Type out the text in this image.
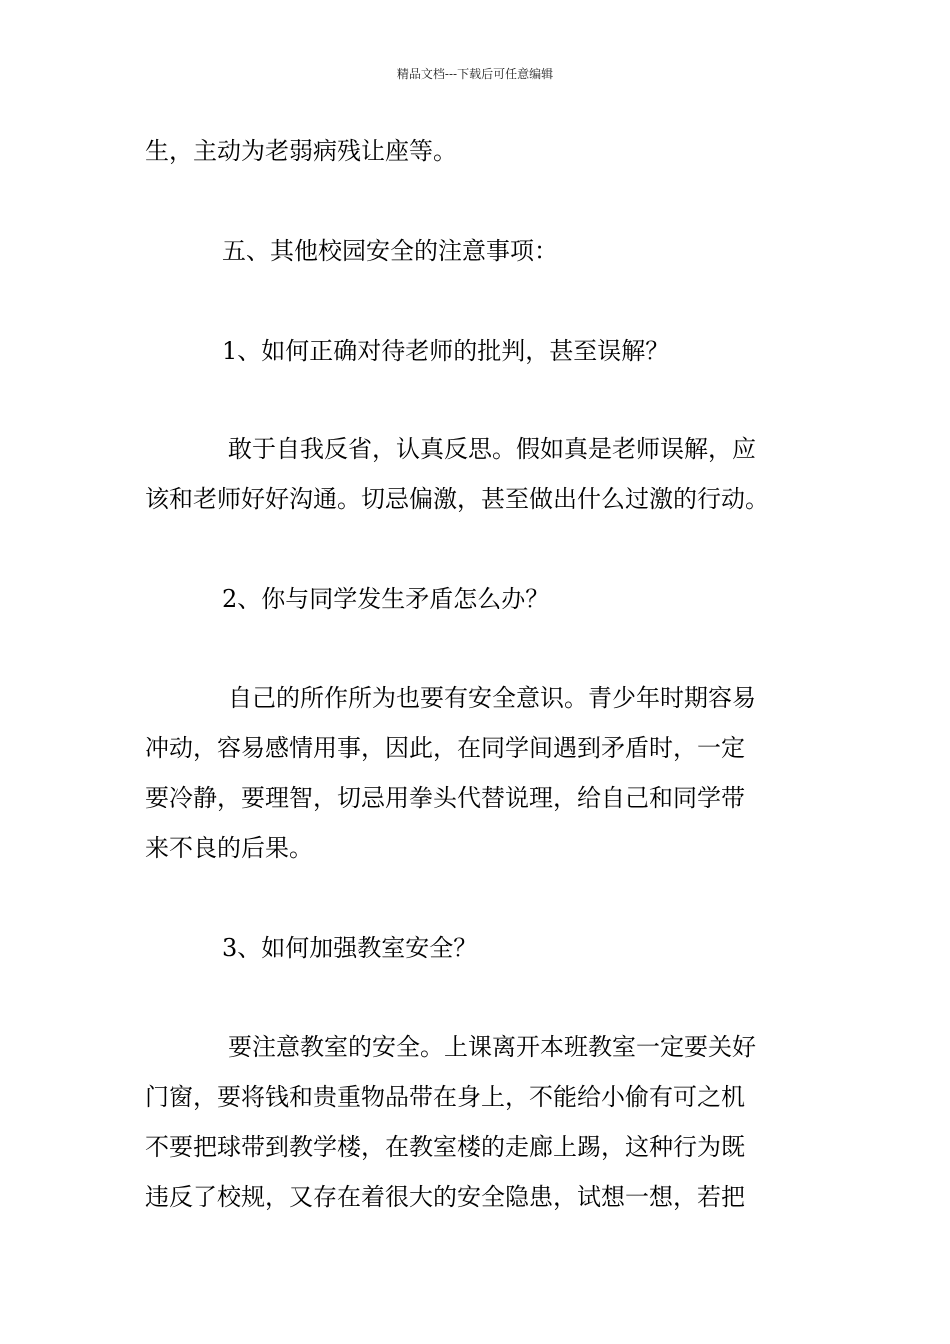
精品文档---下载后可任意编辑
生，主动为老弱病残让座等。
五、其他校园安全的注意事项：
1、如何正确对待老师的批判，甚至误解？
敢于自我反省，认真反思。假如真是老师误解，应
该和老师好好沟通。切忌偏激，甚至做出什么过激的行动。
2、你与同学发生矛盾怎么办？
自己的所作所为也要有安全意识。青少年时期容易
冲动，容易感情用事，因此，在同学间遇到矛盾时，一定
要冷静，要理智，切忌用拳头代替说理，给自己和同学带
来不良的后果。
3、如何加强教室安全？
要注意教室的安全。上课离开本班教室一定要关好
门窗，要将钱和贵重物品带在身上，不能给小偷有可之机
不要把球带到教学楼，在教室楼的走廊上踢，这种行为既
违反了校规，又存在着很大的安全隐患，试想一想，若把
